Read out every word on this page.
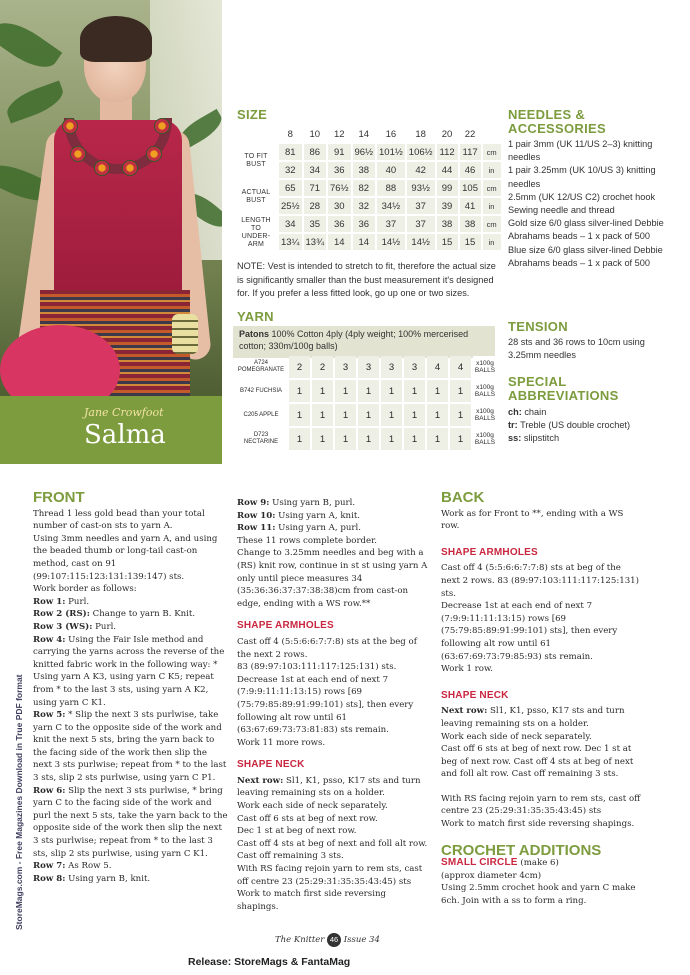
Jane Crowfoot
Salma
SIZE
	8	10	12	14	16	18	20	22	
TO FIT BUST	81	86	91	96½	101½	106½	112	117	cm
	32	34	36	38	40	42	44	46	in
ACTUAL BUST	65	71	76½	82	88	93½	99	105	cm
	25½	28	30	32	34½	37	39	41	in
LENGTH TO UNDER-ARM	34	35	36	36	37	37	38	38	cm
	13¼	13¾	14	14	14½	14½	15	15	in
NOTE: Vest is intended to stretch to fit, therefore the actual size is significantly smaller than the bust measurement it's designed for. If you prefer a less fitted look, go up one or two sizes.
YARN
Patons 100% Cotton 4ply (4ply weight; 100% mercerised cotton; 330m/100g balls)
A724 POMEGRANATE	2	2	3	3	3	3	4	4	x100g BALLS
B742 FUCHSIA	1	1	1	1	1	1	1	1	x100g BALLS
C205 APPLE	1	1	1	1	1	1	1	1	x100g BALLS
D723 NECTARINE	1	1	1	1	1	1	1	1	x100g BALLS
NEEDLES &
ACCESSORIES

1 pair 3mm (UK 11/US 2–3) knitting needles

1 pair 3.25mm (UK 10/US 3) knitting needles

2.5mm (UK 12/US C2) crochet hook

Sewing needle and thread

Gold size 6/0 glass silver-lined Debbie Abrahams beads – 1 x pack of 500

Blue size 6/0 glass silver-lined Debbie Abrahams beads – 1 x pack of 500

TENSION

28 sts and 36 rows to 10cm using 3.25mm needles

SPECIAL
ABBREVIATIONS

ch: chain

tr: Treble (US double crochet)

ss: slipstitch

StoreMags.com - Free Magazines Download in True PDF format
FRONT

Thread 1 less gold bead than your total number of cast-on sts to yarn A.

Using 3mm needles and yarn A, and using the beaded thumb or long-tail cast-on method, cast on 91 (99:107:115:123:131:139:147) sts.

Work border as follows:

Row 1: Purl.

Row 2 (RS): Change to yarn B. Knit.

Row 3 (WS): Purl.

Row 4: Using the Fair Isle method and carrying the yarns across the reverse of the knitted fabric work in the following way: * Using yarn A K3, using yarn C K5; repeat from * to the last 3 sts, using yarn A K2, using yarn C K1.

Row 5: * Slip the next 3 sts purlwise, take yarn C to the opposite side of the work and knit the next 5 sts, bring the yarn back to the facing side of the work then slip the next 3 sts purlwise; repeat from * to the last 3 sts, slip 2 sts purlwise, using yarn C P1.

Row 6: Slip the next 3 sts purlwise, * bring yarn C to the facing side of the work and purl the next 5 sts, take the yarn back to the opposite side of the work then slip the next 3 sts purlwise; repeat from * to the last 3 sts, slip 2 sts purlwise, using yarn C K1.

Row 7: As Row 5.

Row 8: Using yarn B, knit.

Row 9: Using yarn B, purl.

Row 10: Using yarn A, knit.

Row 11: Using yarn A, purl.

These 11 rows complete border.

Change to 3.25mm needles and beg with a (RS) knit row, continue in st st using yarn A only until piece measures 34 (35:36:36:37:37:38:38)cm from cast-on edge, ending with a WS row.**

SHAPE ARMHOLES

Cast off 4 (5:5:6:6:7:7:8) sts at the beg of the next 2 rows.

83 (89:97:103:111:117:125:131) sts.

Decrease 1st at each end of next 7 (7:9:9:11:11:13:15) rows [69 (75:79:85:89:91:99:101) sts], then every following alt row until 61 (63:67:69:73:73:81:83) sts remain.

Work 11 more rows.

SHAPE NECK

Next row: Sl1, K1, psso, K17 sts and turn leaving remaining sts on a holder.

Work each side of neck separately.

Cast off 6 sts at beg of next row.

Dec 1 st at beg of next row.

Cast off 4 sts at beg of next and foll alt row.

Cast off remaining 3 sts.

With RS facing rejoin yarn to rem sts, cast off centre 23 (25:29:31:35:35:43:45) sts

Work to match first side reversing shapings.

BACK

Work as for Front to **, ending with a WS row.

SHAPE ARMHOLES

Cast off 4 (5:5:6:6:7:7:8) sts at beg of the next 2 rows. 83 (89:97:103:111:117:125:131) sts.

Decrease 1st at each end of next 7 (7:9:9:11:11:13:15) rows [69 (75:79:85:89:91:99:101) sts], then every following alt row until 61 (63:67:69:73:79:85:93) sts remain.

Work 1 row.

SHAPE NECK

Next row: Sl1, K1, psso, K17 sts and turn leaving remaining sts on a holder.

Work each side of neck separately.

Cast off 6 sts at beg of next row. Dec 1 st at beg of next row. Cast off 4 sts at beg of next and foll alt row. Cast off remaining 3 sts.

With RS facing rejoin yarn to rem sts, cast off centre 23 (25:29:31:35:35:43:45) sts

Work to match first side reversing shapings.

CROCHET ADDITIONS

SMALL CIRCLE (make 6)

(approx diameter 4cm)

Using 2.5mm crochet hook and yarn C make 6ch. Join with a ss to form a ring.

The Knitter 46 Issue 34
Release: StoreMags & FantaMag
